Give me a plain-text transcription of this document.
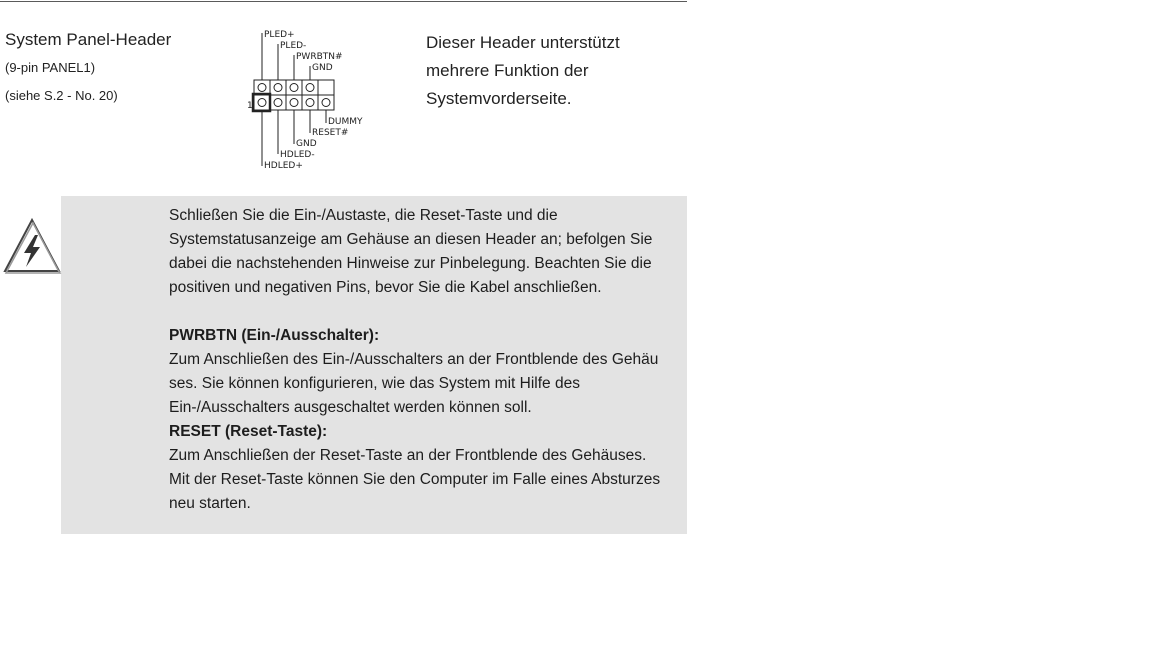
System Panel-Header
(9-pin PANEL1)
(siehe S.2 - No. 20)
PLED+
PLED-
PWRBTN#
GND
1
DUMMY
RESET#
GND
HDLED-
HDLED+
Dieser Header unterstützt
mehrere Funktion der
Systemvorderseite.
Schließen Sie die Ein-/Austaste, die Reset-Taste und die
Systemstatusanzeige am Gehäuse an diesen Header an; befolgen Sie
dabei die nachstehenden Hinweise zur Pinbelegung. Beachten Sie die
positiven und negativen Pins, bevor Sie die Kabel anschließen.
PWRBTN (Ein-/Ausschalter):
Zum Anschließen des Ein-/Ausschalters an der Frontblende des Gehäu
ses. Sie können konfigurieren, wie das System mit Hilfe des
Ein-/Ausschalters ausgeschaltet werden können soll.
RESET (Reset-Taste):
Zum Anschließen der Reset-Taste an der Frontblende des Gehäuses.
Mit der Reset-Taste können Sie den Computer im Falle eines Absturzes
neu starten.
